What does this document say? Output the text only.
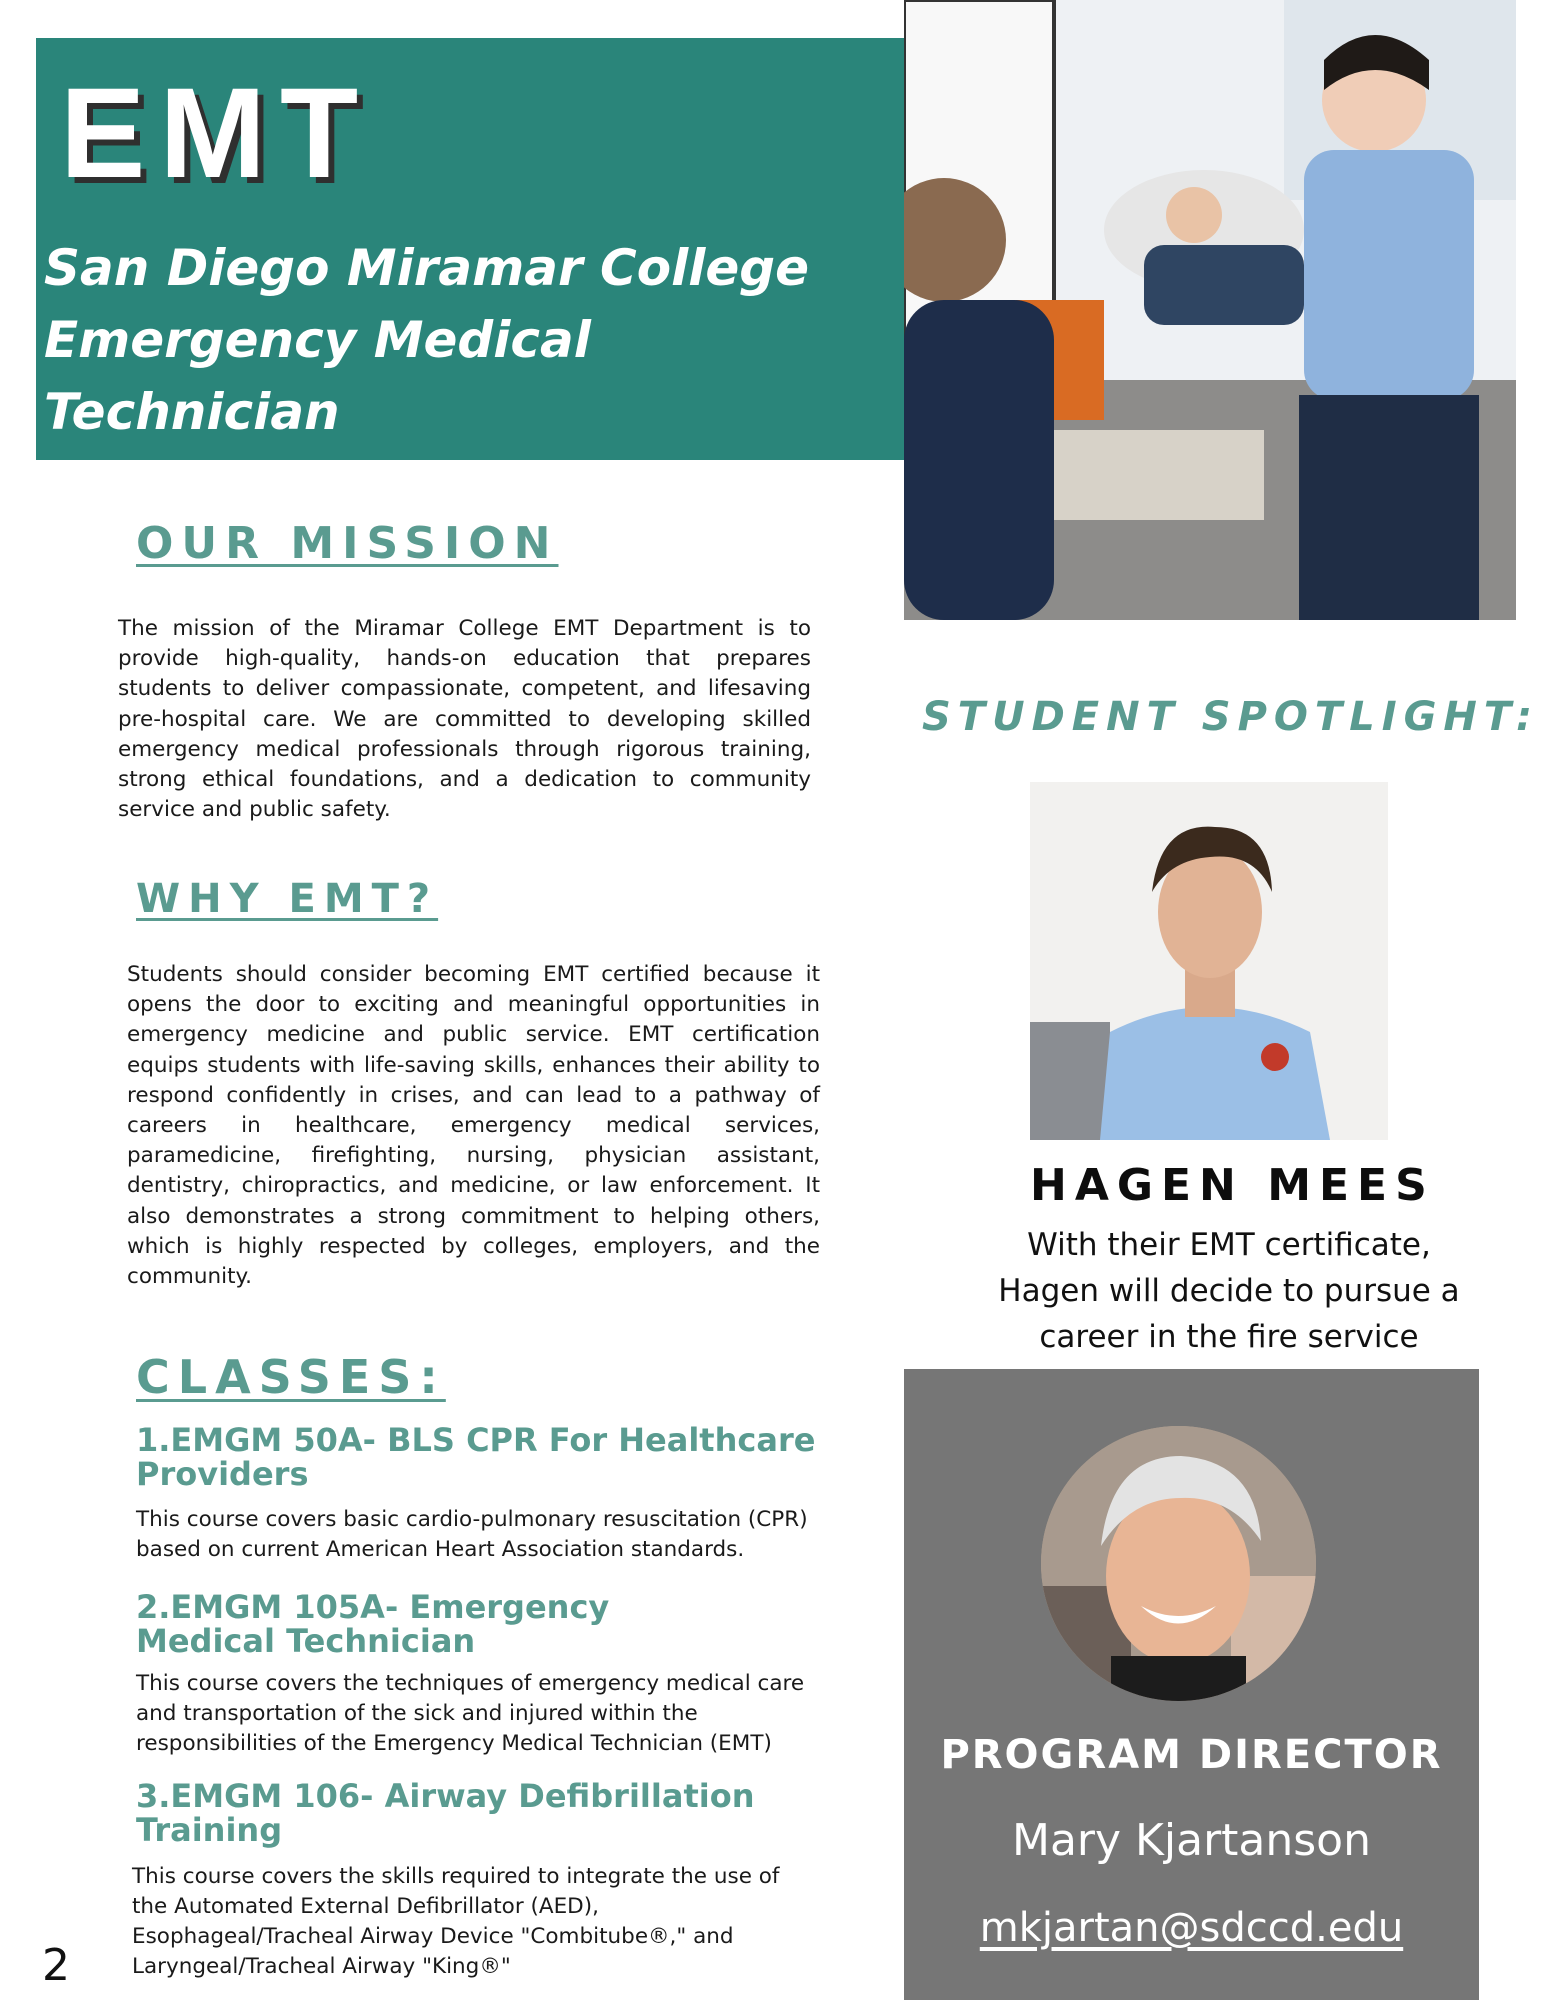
EMT
San Diego Miramar College
Emergency Medical Technician
Program
OUR MISSION
The mission of the Miramar College EMT Department is to provide high-quality, hands-on education that prepares students to deliver compassionate, competent, and lifesaving pre-hospital care. We are committed to developing skilled emergency medical professionals through rigorous training, strong ethical foundations, and a dedication to community service and public safety.
WHY EMT?
Students should consider becoming EMT certified because it opens the door to exciting and meaningful opportunities in emergency medicine and public service. EMT certification equips students with life-saving skills, enhances their ability to respond confidently in crises, and can lead to a pathway of careers in healthcare, emergency medical services, paramedicine, firefighting, nursing, physician assistant, dentistry, chiropractics, and medicine, or law enforcement. It also demonstrates a strong commitment to helping others, which is highly respected by colleges, employers, and the community.
CLASSES:
1.EMGM 50A- BLS CPR For Healthcare Providers
This course covers basic cardio-pulmonary resuscitation (CPR) based on current American Heart Association standards.
2.EMGM 105A- Emergency Medical Technician
This course covers the techniques of emergency medical care and transportation of the sick and injured within the responsibilities of the Emergency Medical Technician (EMT)
3.EMGM 106- Airway Defibrillation Training
This course covers the skills required to integrate the use of the Automated External Defibrillator (AED), Esophageal/Tracheal Airway Device "Combitube®," and Laryngeal/Tracheal Airway "King®"
STUDENT SPOTLIGHT:
HAGEN MEES
With their EMT certificate, Hagen will decide to pursue a career in the fire service
PROGRAM DIRECTOR
Mary Kjartanson
mkjartan@sdccd.edu
2
